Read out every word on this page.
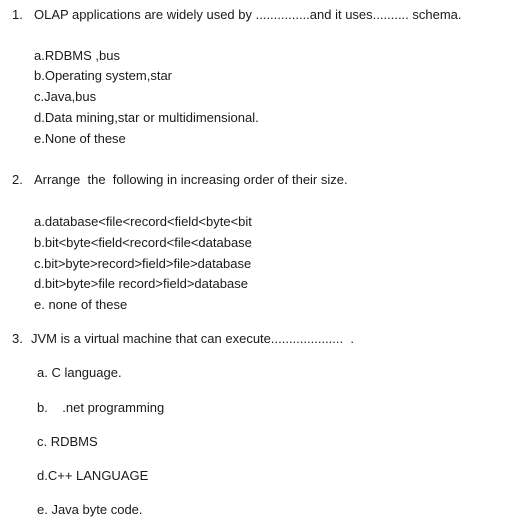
1. OLAP applications are widely used by ...............and it uses.......... schema.
a.RDBMS ,bus
b.Operating system,star
c.Java,bus
d.Data mining,star or multidimensional.
e.None of these
2. Arrange  the  following in increasing order of their size.
a.database<file<record<field<byte<bit
b.bit<byte<field<record<file<database
c.bit>byte>record>field>file>database
d.bit>byte>file record>field>database
e. none of these
3. JVM is a virtual machine that can execute....................  .
a. C language.
b.    .net programming
c. RDBMS
d.C++ LANGUAGE
e. Java byte code.
